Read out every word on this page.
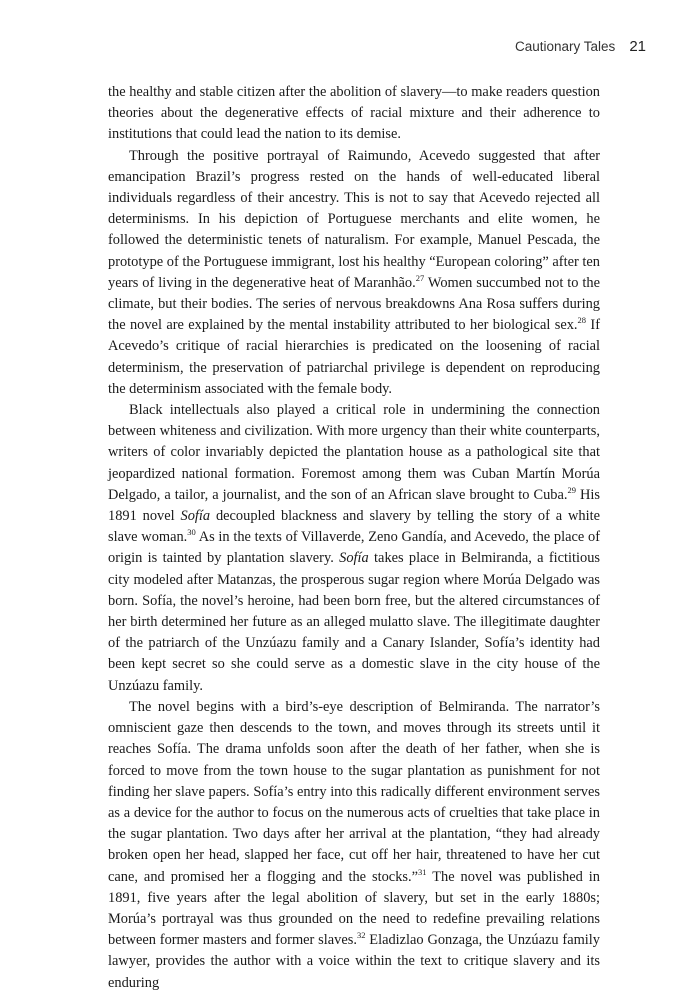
Cautionary Tales 21

the healthy and stable citizen after the abolition of slavery—to make readers question theories about the degenerative effects of racial mixture and their adherence to institutions that could lead the nation to its demise.

Through the positive portrayal of Raimundo, Acevedo suggested that after emancipation Brazil’s progress rested on the hands of well-educated liberal individuals regardless of their ancestry. This is not to say that Acevedo rejected all determinisms. In his depiction of Portuguese merchants and elite women, he followed the deterministic tenets of naturalism. For example, Manuel Pescada, the prototype of the Portuguese immigrant, lost his healthy “European coloring” after ten years of living in the degenerative heat of Maranhão.$^{27}$ Women succumbed not to the climate, but their bodies. The series of nervous breakdowns Ana Rosa suffers during the novel are explained by the mental instability attributed to her biological sex.$^{28}$ If Acevedo’s critique of racial hierarchies is predicated on the loosening of racial determinism, the preservation of patriarchal privilege is dependent on reproducing the determinism associated with the female body.

Black intellectuals also played a critical role in undermining the connection between whiteness and civilization. With more urgency than their white counterparts, writers of color invariably depicted the plantation house as a pathological site that jeopardized national formation. Foremost among them was Cuban Martín Morúa Delgado, a tailor, a journalist, and the son of an African slave brought to Cuba.$^{29}$ His 1891 novel Sofía decoupled blackness and slavery by telling the story of a white slave woman.$^{30}$ As in the texts of Villaverde, Zeno Gandía, and Acevedo, the place of origin is tainted by plantation slavery. Sofía takes place in Belmiranda, a fictitious city modeled after Matanzas, the prosperous sugar region where Morúa Delgado was born. Sofía, the novel’s heroine, had been born free, but the altered circumstances of her birth determined her future as an alleged mulatto slave. The illegitimate daughter of the patriarch of the Unzúazu family and a Canary Islander, Sofía’s identity had been kept secret so she could serve as a domestic slave in the city house of the Unzúazu family.

The novel begins with a bird’s-eye description of Belmiranda. The narrator’s omniscient gaze then descends to the town, and moves through its streets until it reaches Sofía. The drama unfolds soon after the death of her father, when she is forced to move from the town house to the sugar plantation as punishment for not finding her slave papers. Sofía’s entry into this radically different environment serves as a device for the author to focus on the numerous acts of cruelties that take place in the sugar plantation. Two days after her arrival at the plantation, “they had already broken open her head, slapped her face, cut off her hair, threatened to have her cut cane, and promised her a flogging and the stocks.”$^{31}$ The novel was published in 1891, five years after the legal abolition of slavery, but set in the early 1880s; Morúa’s portrayal was thus grounded on the need to redefine prevailing relations between former masters and former slaves.$^{32}$ Eladizlao Gonzaga, the Unzúazu family lawyer, provides the author with a voice within the text to critique slavery and its enduring
